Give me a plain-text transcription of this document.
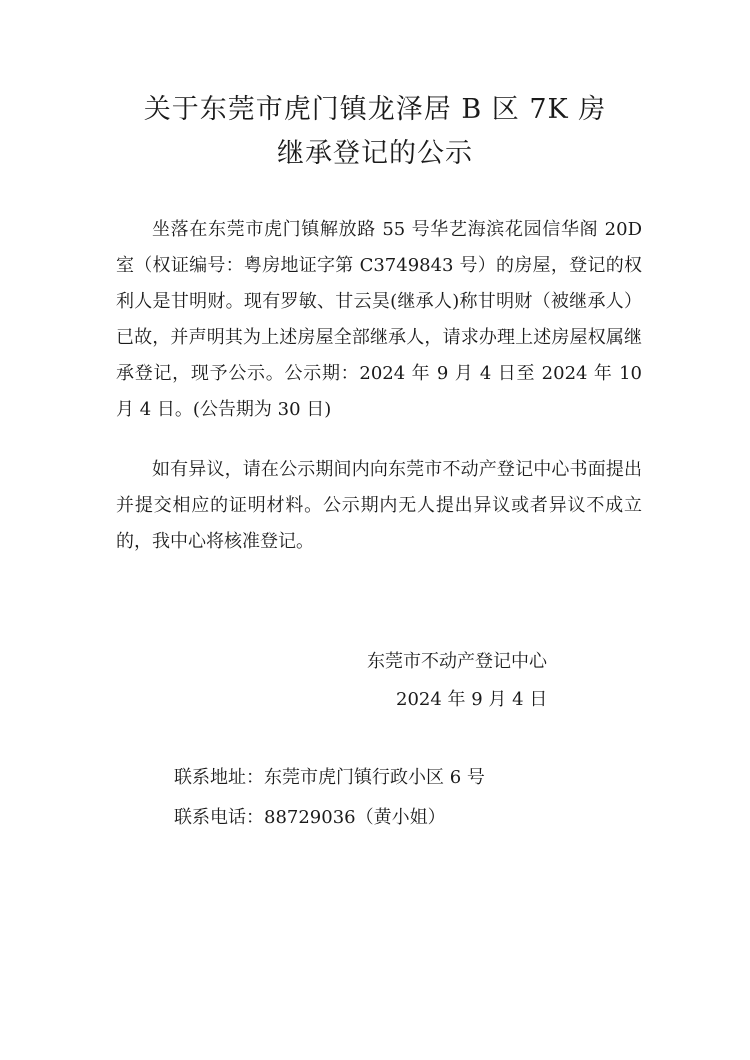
关于东莞市虎门镇龙泽居 B 区 7K 房
继承登记的公示

坐落在东莞市虎门镇解放路 55 号华艺海滨花园信华阁 20D 室（权证编号：粤房地证字第 C3749843 号）的房屋，登记的权利人是甘明财。现有罗敏、甘云昊(继承人)称甘明财（被继承人）已故，并声明其为上述房屋全部继承人，请求办理上述房屋权属继承登记，现予公示。公示期：2024 年 9 月 4 日至 2024 年 10 月 4 日。(公告期为 30 日)

如有异议，请在公示期间内向东莞市不动产登记中心书面提出并提交相应的证明材料。公示期内无人提出异议或者异议不成立的，我中心将核准登记。

东莞市不动产登记中心

2024 年 9 月 4 日

联系地址：东莞市虎门镇行政小区 6 号

联系电话：88729036（黄小姐）
